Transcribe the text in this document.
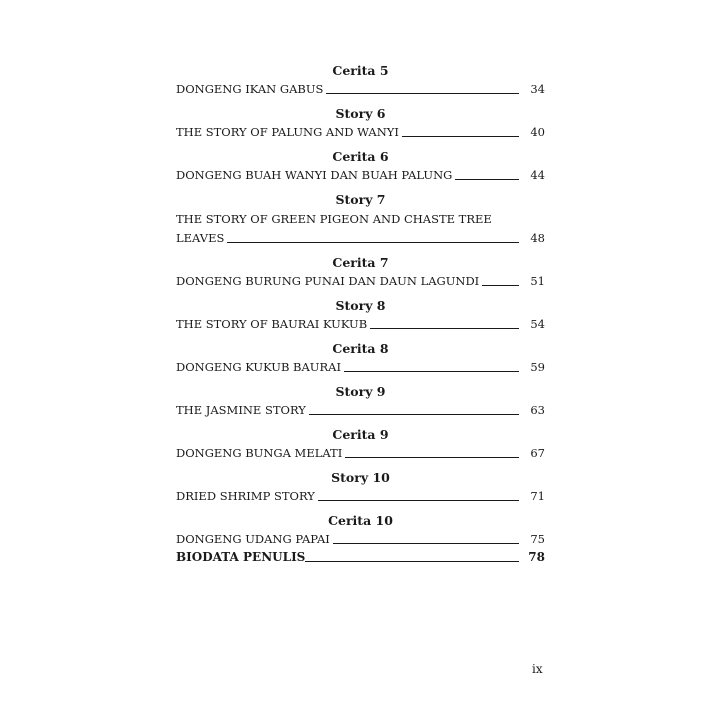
Cerita 5
DONGENG IKAN GABUS	34
Story 6
THE STORY OF PALUNG AND WANYI	40
Cerita 6
DONGENG BUAH WANYI DAN BUAH PALUNG	44
Story 7
THE STORY OF GREEN PIGEON AND CHASTE TREE
LEAVES	48
Cerita 7
DONGENG BURUNG PUNAI DAN DAUN LAGUNDI	51
Story 8
THE STORY OF BAURAI KUKUB	54
Cerita 8
DONGENG KUKUB BAURAI	59
Story 9
THE JASMINE STORY	63
Cerita 9
DONGENG BUNGA MELATI	67
Story 10
DRIED SHRIMP STORY	71
Cerita 10
DONGENG UDANG PAPAI	75
BIODATA PENULIS	78
ix
